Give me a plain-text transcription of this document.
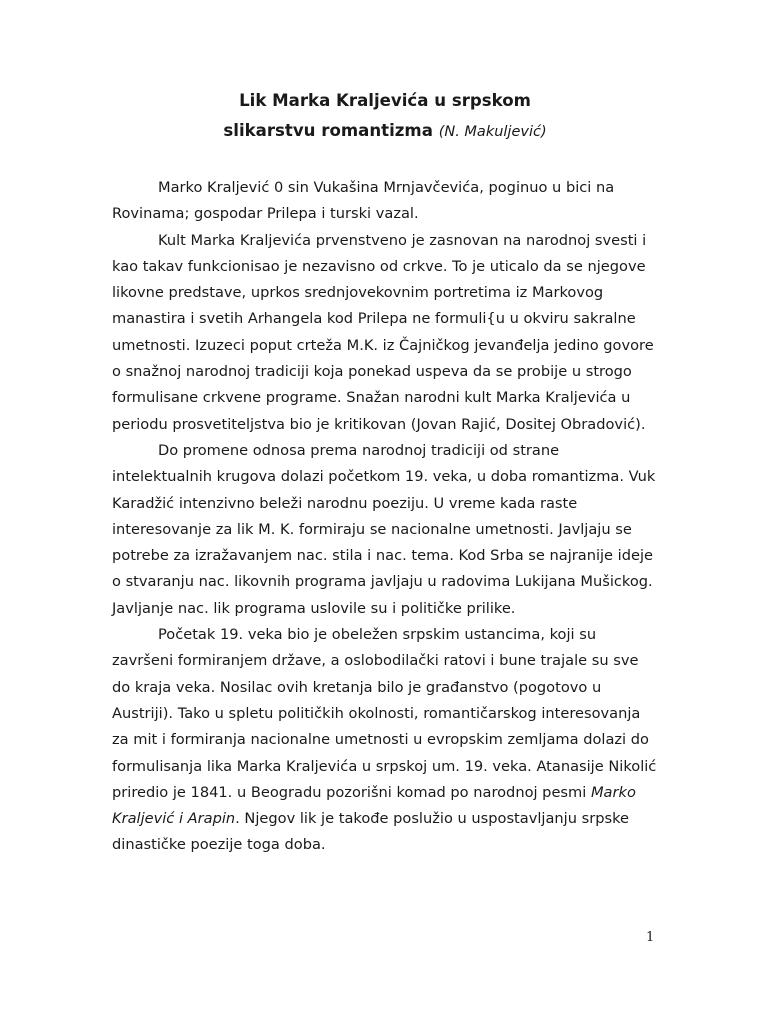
Lik Marka Kraljevića u srpskom
slikarstvu romantizma (N. Makuljević)

Marko Kraljević 0 sin Vukašina Mrnjavčevića, poginuo u bici na Rovinama; gospodar Prilepa i turski vazal.

Kult Marka Kraljevića prvenstveno je zasnovan na narodnoj svesti i kao takav funkcionisao je nezavisno od crkve. To je uticalo da se njegove likovne predstave, uprkos srednjovekovnim portretima iz Markovog manastira i svetih Arhangela kod Prilepa ne formuli{u u okviru sakralne umetnosti. Izuzeci poput crteža M.K. iz Čajničkog jevanđelja jedino govore o snažnoj narodnoj tradiciji koja ponekad uspeva da se probije u strogo formulisane crkvene programe. Snažan narodni kult Marka Kraljevića u periodu prosvetiteljstva bio je kritikovan (Jovan Rajić, Dositej Obradović).

Do promene odnosa prema narodnoj tradiciji od strane intelektualnih krugova dolazi početkom 19. veka, u doba romantizma. Vuk Karadžić intenzivno beleži narodnu poeziju. U vreme kada raste interesovanje za lik M. K. formiraju se nacionalne umetnosti. Javljaju se potrebe za izražavanjem nac. stila i nac. tema. Kod Srba se najranije ideje o stvaranju nac. likovnih programa javljaju u radovima Lukijana Mušickog. Javljanje nac. lik programa uslovile su i političke prilike.

Početak 19. veka bio je obeležen srpskim ustancima, koji su završeni formiranjem države, a oslobodilački ratovi i bune trajale su sve do kraja veka. Nosilac ovih kretanja bilo je građanstvo (pogotovo u Austriji). Tako u spletu političkih okolnosti, romantičarskog interesovanja za mit i formiranja nacionalne umetnosti u evropskim zemljama dolazi do formulisanja lika Marka Kraljevića u srpskoj um. 19. veka. Atanasije Nikolić priredio je 1841. u Beogradu pozorišni komad po narodnoj pesmi Marko Kraljević i Arapin. Njegov lik je takođe poslužio u uspostavljanju srpske dinastičke poezije toga doba.

1
